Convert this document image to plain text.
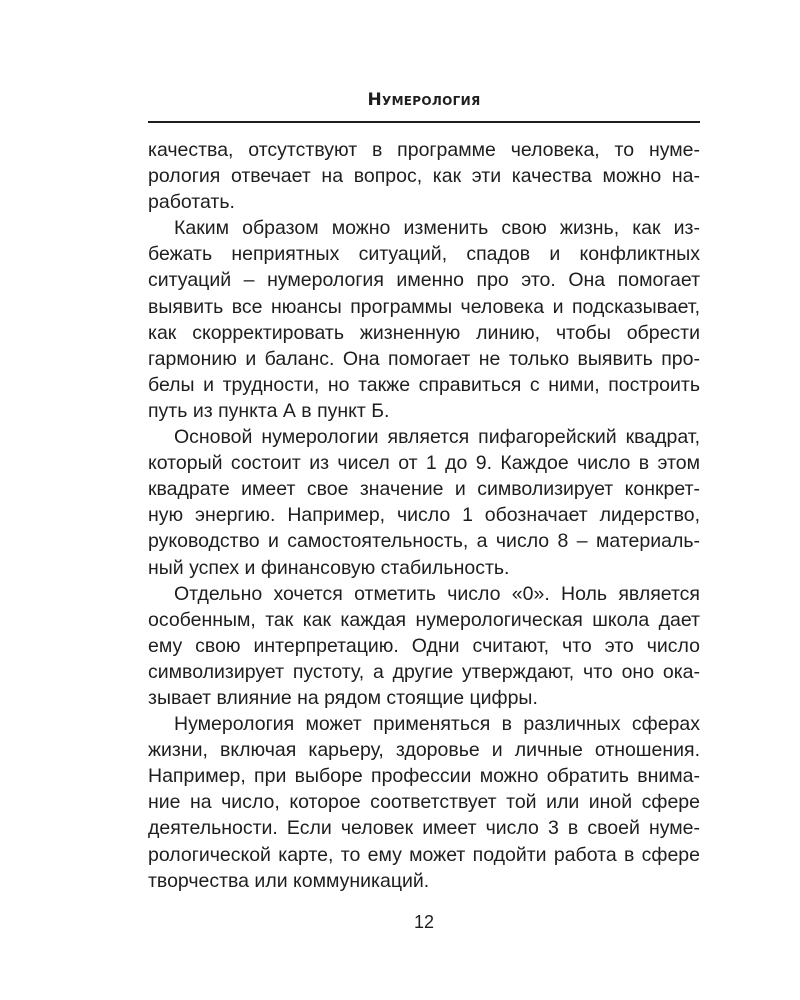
Нумерология
качества, отсутствуют в программе человека, то нуме-
рология отвечает на вопрос, как эти качества можно на-
работать.
Каким образом можно изменить свою жизнь, как из-
бежать неприятных ситуаций, спадов и конфликтных
ситуаций – нумерология именно про это. Она помогает
выявить все нюансы программы человека и подсказывает,
как скорректировать жизненную линию, чтобы обрести
гармонию и баланс. Она помогает не только выявить про-
белы и трудности, но также справиться с ними, построить
путь из пункта А в пункт Б.
Основой нумерологии является пифагорейский квадрат,
который состоит из чисел от 1 до 9. Каждое число в этом
квадрате имеет свое значение и символизирует конкрет-
ную энергию. Например, число 1 обозначает лидерство,
руководство и самостоятельность, а число 8 – материаль-
ный успех и финансовую стабильность.
Отдельно хочется отметить число «0». Ноль является
особенным, так как каждая нумерологическая школа дает
ему свою интерпретацию. Одни считают, что это число
символизирует пустоту, а другие утверждают, что оно ока-
зывает влияние на рядом стоящие цифры.
Нумерология может применяться в различных сферах
жизни, включая карьеру, здоровье и личные отношения.
Например, при выборе профессии можно обратить внима-
ние на число, которое соответствует той или иной сфере
деятельности. Если человек имеет число 3 в своей нуме-
рологической карте, то ему может подойти работа в сфере
творчества или коммуникаций.
12
